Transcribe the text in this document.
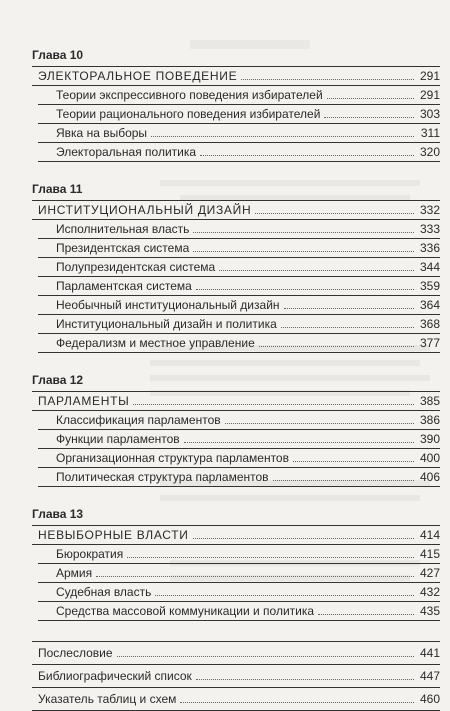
Глава 10
ЭЛЕКТОРАЛЬНОЕ ПОВЕДЕНИЕ	291
Теории экспрессивного поведения избирателей	291
Теории рационального поведения избирателей	303
Явка на выборы	311
Электоральная политика	320
Глава 11
ИНСТИТУЦИОНАЛЬНЫЙ ДИЗАЙН	332
Исполнительная власть	333
Президентская система	336
Полупрезидентская система	344
Парламентская система	359
Необычный институциональный дизайн	364
Институциональный дизайн и политика	368
Федерализм и местное управление	377
Глава 12
ПАРЛАМЕНТЫ	385
Классификация парламентов	386
Функции парламентов	390
Организационная структура парламентов	400
Политическая структура парламентов	406
Глава 13
НЕВЫБОРНЫЕ ВЛАСТИ	414
Бюрократия	415
Армия	427
Судебная власть	432
Средства массовой коммуникации и политика	435
Послесловие	441
Библиографический список	447
Указатель таблиц и схем	460
